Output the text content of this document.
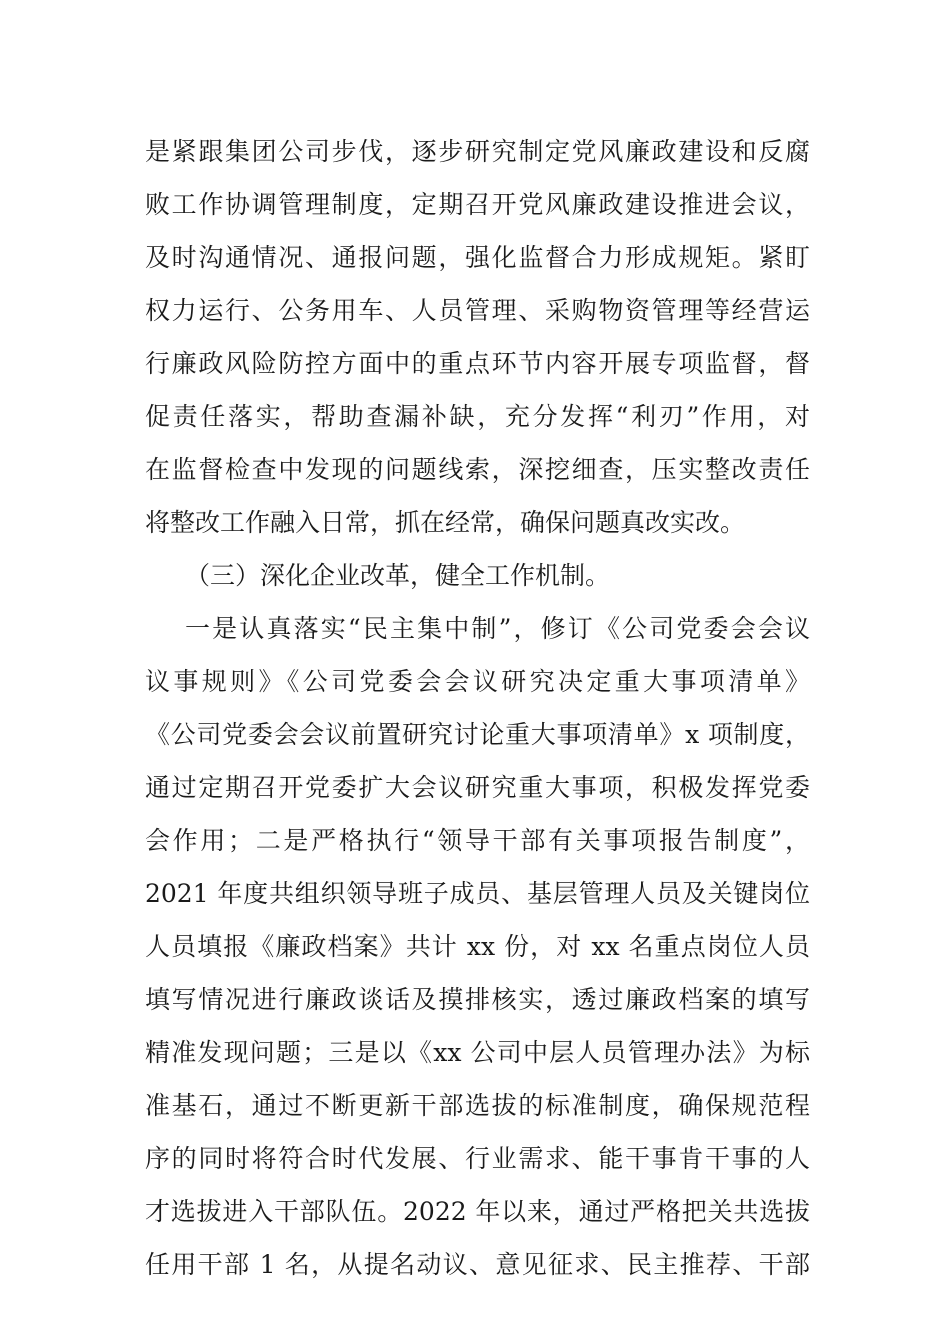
是紧跟集团公司步伐，逐步研究制定党风廉政建设和反腐
败工作协调管理制度，定期召开党风廉政建设推进会议，
及时沟通情况、通报问题，强化监督合力形成规矩。紧盯
权力运行、公务用车、人员管理、采购物资管理等经营运
行廉政风险防控方面中的重点环节内容开展专项监督，督
促责任落实，帮助查漏补缺，充分发挥“利刃”作用，对
在监督检查中发现的问题线索，深挖细查，压实整改责任
将整改工作融入日常，抓在经常，确保问题真改实改。
（三）深化企业改革，健全工作机制。
一是认真落实“民主集中制”，修订《公司党委会会议
议事规则》《公司党委会会议研究决定重大事项清单》
《公司党委会会议前置研究讨论重大事项清单》x 项制度，
通过定期召开党委扩大会议研究重大事项，积极发挥党委
会作用；二是严格执行“领导干部有关事项报告制度”，
2021 年度共组织领导班子成员、基层管理人员及关键岗位
人员填报《廉政档案》共计 xx 份，对 xx 名重点岗位人员
填写情况进行廉政谈话及摸排核实，透过廉政档案的填写
精准发现问题；三是以《xx 公司中层人员管理办法》为标
准基石，通过不断更新干部选拔的标准制度，确保规范程
序的同时将符合时代发展、行业需求、能干事肯干事的人
才选拔进入干部队伍。2022 年以来，通过严格把关共选拔
任用干部 1 名，从提名动议、意见征求、民主推荐、干部
